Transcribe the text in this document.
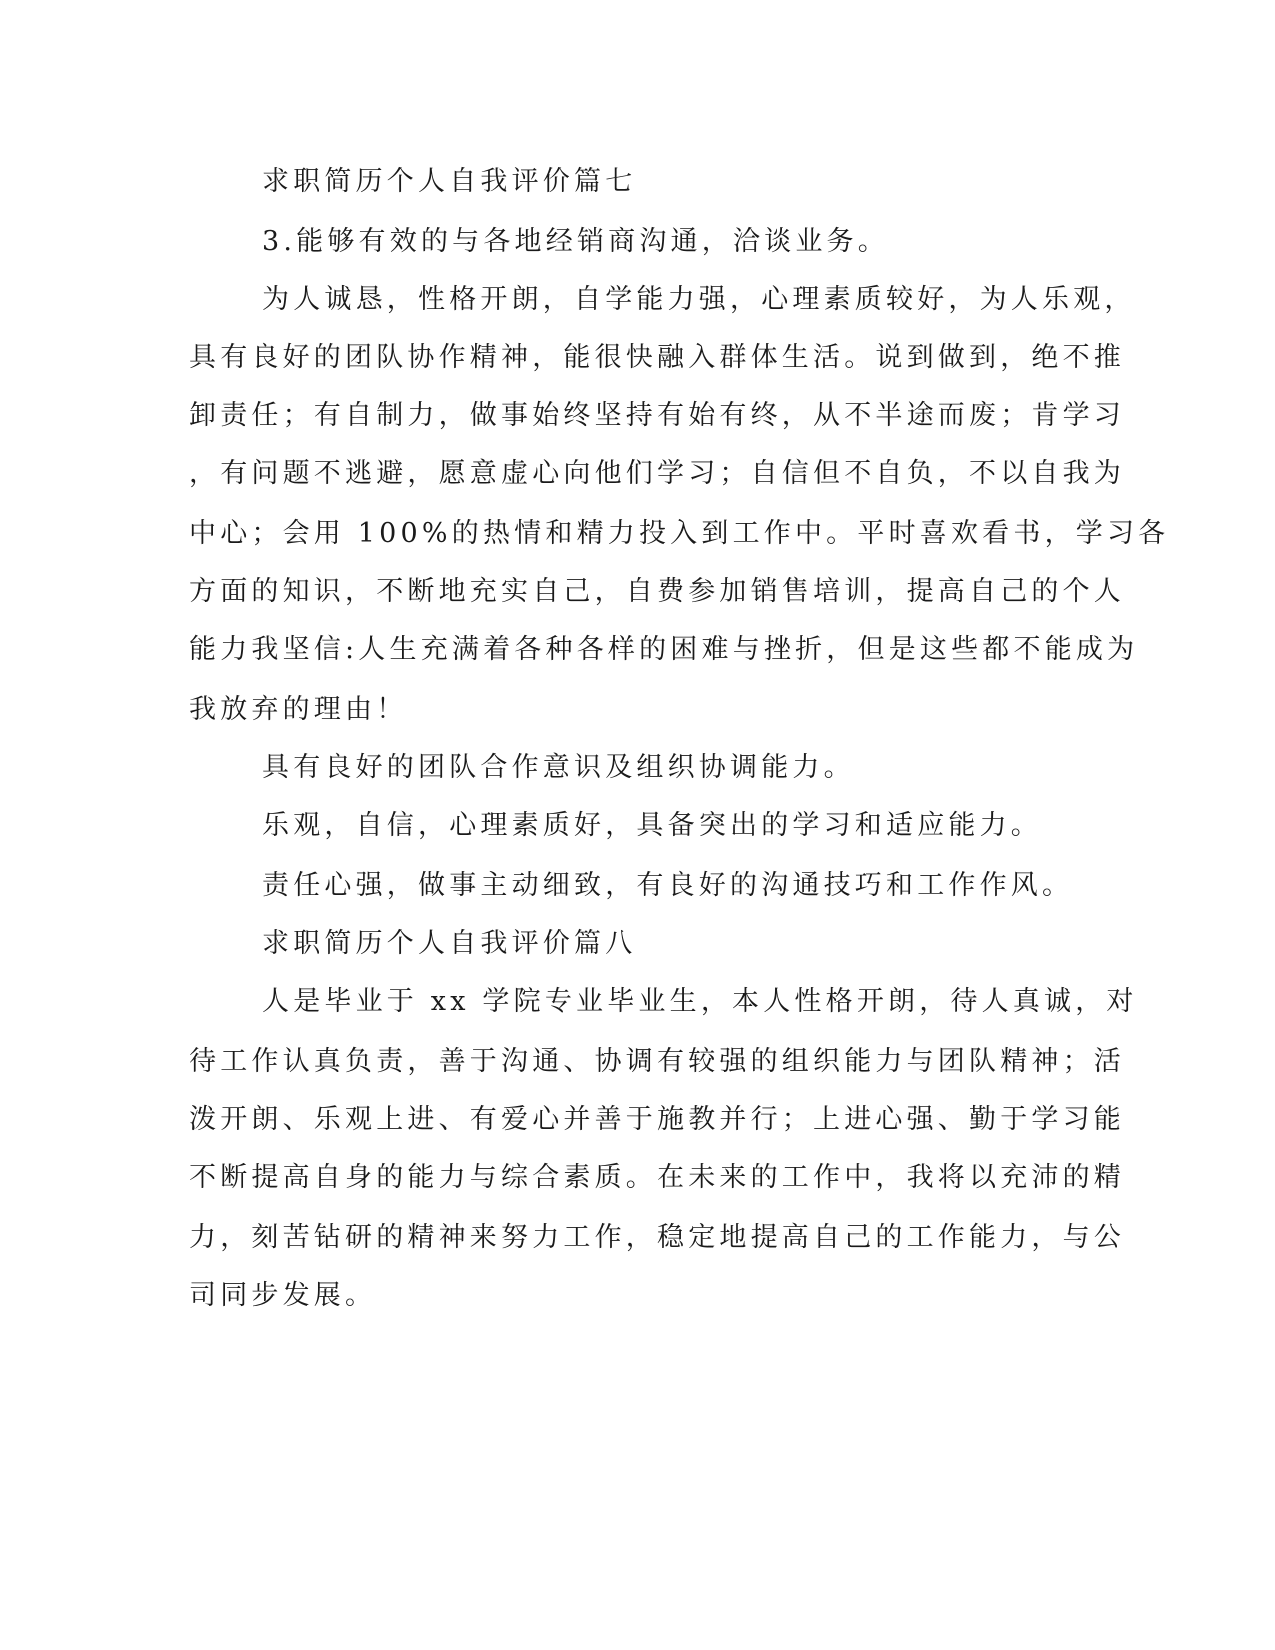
求职简历个人自我评价篇七
3.能够有效的与各地经销商沟通，洽谈业务。
为人诚恳，性格开朗，自学能力强，心理素质较好，为人乐观，
具有良好的团队协作精神，能很快融入群体生活。说到做到，绝不推
卸责任；有自制力，做事始终坚持有始有终，从不半途而废；肯学习
，有问题不逃避，愿意虚心向他们学习；自信但不自负，不以自我为
中心；会用 100%的热情和精力投入到工作中。平时喜欢看书，学习各
方面的知识，不断地充实自己，自费参加销售培训，提高自己的个人
能力我坚信:人生充满着各种各样的困难与挫折，但是这些都不能成为
我放弃的理由！
具有良好的团队合作意识及组织协调能力。
乐观，自信，心理素质好，具备突出的学习和适应能力。
责任心强，做事主动细致，有良好的沟通技巧和工作作风。
求职简历个人自我评价篇八
人是毕业于 xx 学院专业毕业生，本人性格开朗，待人真诚，对
待工作认真负责，善于沟通、协调有较强的组织能力与团队精神；活
泼开朗、乐观上进、有爱心并善于施教并行；上进心强、勤于学习能
不断提高自身的能力与综合素质。在未来的工作中，我将以充沛的精
力，刻苦钻研的精神来努力工作，稳定地提高自己的工作能力，与公
司同步发展。
